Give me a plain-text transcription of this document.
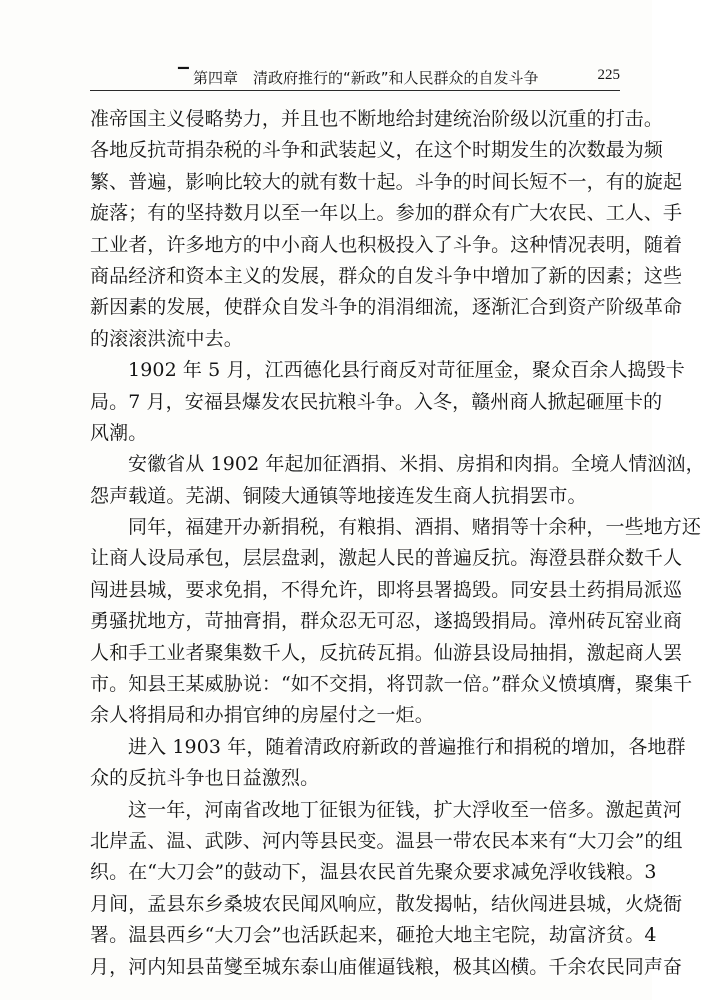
▔ 第四章　清政府推行的“新政”和人民群众的自发斗争	225
准帝国主义侵略势力，并且也不断地给封建统治阶级以沉重的打击。
各地反抗苛捐杂税的斗争和武装起义，在这个时期发生的次数最为频
繁、普遍，影响比较大的就有数十起。斗争的时间长短不一，有的旋起
旋落；有的坚持数月以至一年以上。参加的群众有广大农民、工人、手
工业者，许多地方的中小商人也积极投入了斗争。这种情况表明，随着
商品经济和资本主义的发展，群众的自发斗争中增加了新的因素；这些
新因素的发展，使群众自发斗争的涓涓细流，逐渐汇合到资产阶级革命
的滚滚洪流中去。
1902 年 5 月，江西德化县行商反对苛征厘金，聚众百余人捣毁卡
局。7 月，安福县爆发农民抗粮斗争。入冬，赣州商人掀起砸厘卡的
风潮。
安徽省从 1902 年起加征酒捐、米捐、房捐和肉捐。全境人情汹汹，
怨声载道。芜湖、铜陵大通镇等地接连发生商人抗捐罢市。
同年，福建开办新捐税，有粮捐、酒捐、赌捐等十余种，一些地方还
让商人设局承包，层层盘剥，激起人民的普遍反抗。海澄县群众数千人
闯进县城，要求免捐，不得允许，即将县署捣毁。同安县土药捐局派巡
勇骚扰地方，苛抽膏捐，群众忍无可忍，遂捣毁捐局。漳州砖瓦窑业商
人和手工业者聚集数千人，反抗砖瓦捐。仙游县设局抽捐，激起商人罢
市。知县王某威胁说：“如不交捐，将罚款一倍。”群众义愤填膺，聚集千
余人将捐局和办捐官绅的房屋付之一炬。
进入 1903 年，随着清政府新政的普遍推行和捐税的增加，各地群
众的反抗斗争也日益激烈。
这一年，河南省改地丁征银为征钱，扩大浮收至一倍多。激起黄河
北岸孟、温、武陟、河内等县民变。温县一带农民本来有“大刀会”的组
织。在“大刀会”的鼓动下，温县农民首先聚众要求减免浮收钱粮。3
月间，孟县东乡桑坡农民闻风响应，散发揭帖，结伙闯进县城，火烧衙
署。温县西乡“大刀会”也活跃起来，砸抢大地主宅院，劫富济贫。4
月，河内知县苗燮至城东泰山庙催逼钱粮，极其凶横。千余农民同声奋
